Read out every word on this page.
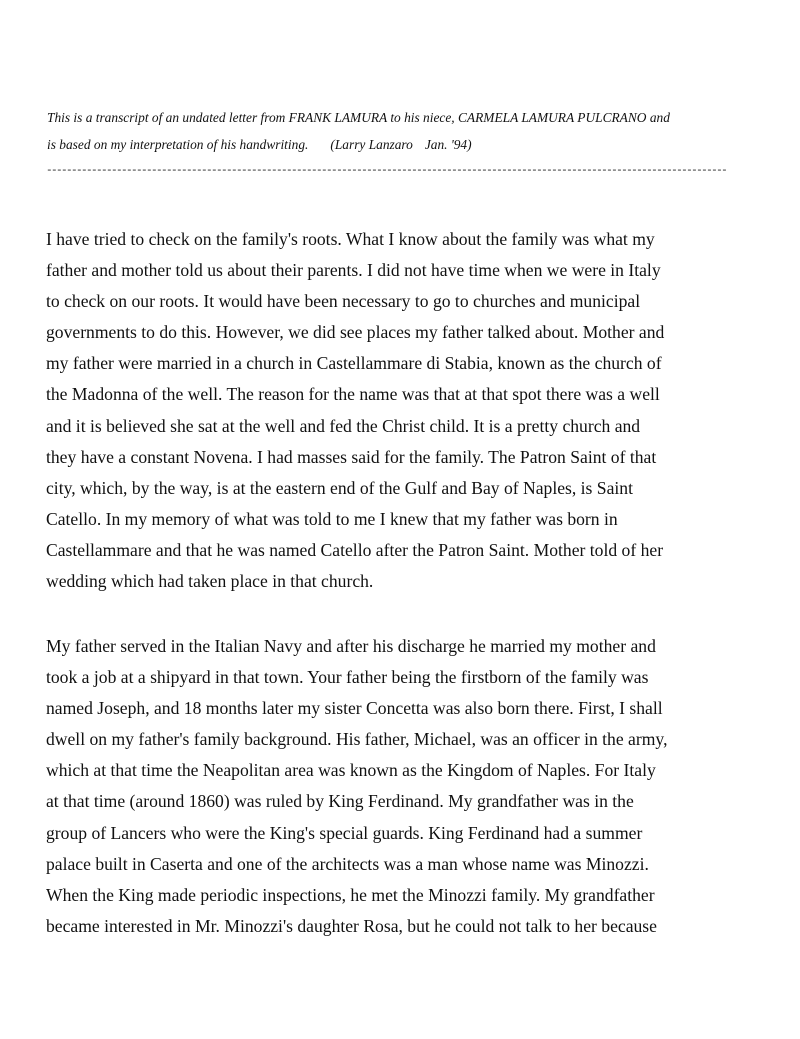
This is a transcript of an undated letter from FRANK LAMURA to his niece, CARMELA LAMURA PULCRANO and
is based on my interpretation of his handwriting. (Larry Lanzaro Jan. '94)
----------------------------------------------------------------------------------------------------------------------------------------
I have tried to check on the family's roots. What I know about the family was what my
father and mother told us about their parents. I did not have time when we were in Italy
to check on our roots. It would have been necessary to go to churches and municipal
governments to do this. However, we did see places my father talked about. Mother and
my father were married in a church in Castellammare di Stabia, known as the church of
the Madonna of the well. The reason for the name was that at that spot there was a well
and it is believed she sat at the well and fed the Christ child. It is a pretty church and
they have a constant Novena. I had masses said for the family. The Patron Saint of that
city, which, by the way, is at the eastern end of the Gulf and Bay of Naples, is Saint
Catello. In my memory of what was told to me I knew that my father was born in
Castellammare and that he was named Catello after the Patron Saint. Mother told of her
wedding which had taken place in that church.
My father served in the Italian Navy and after his discharge he married my mother and
took a job at a shipyard in that town. Your father being the firstborn of the family was
named Joseph, and 18 months later my sister Concetta was also born there. First, I shall
dwell on my father's family background. His father, Michael, was an officer in the army,
which at that time the Neapolitan area was known as the Kingdom of Naples. For Italy
at that time (around 1860) was ruled by King Ferdinand. My grandfather was in the
group of Lancers who were the King's special guards. King Ferdinand had a summer
palace built in Caserta and one of the architects was a man whose name was Minozzi.
When the King made periodic inspections, he met the Minozzi family. My grandfather
became interested in Mr. Minozzi's daughter Rosa, but he could not talk to her because
